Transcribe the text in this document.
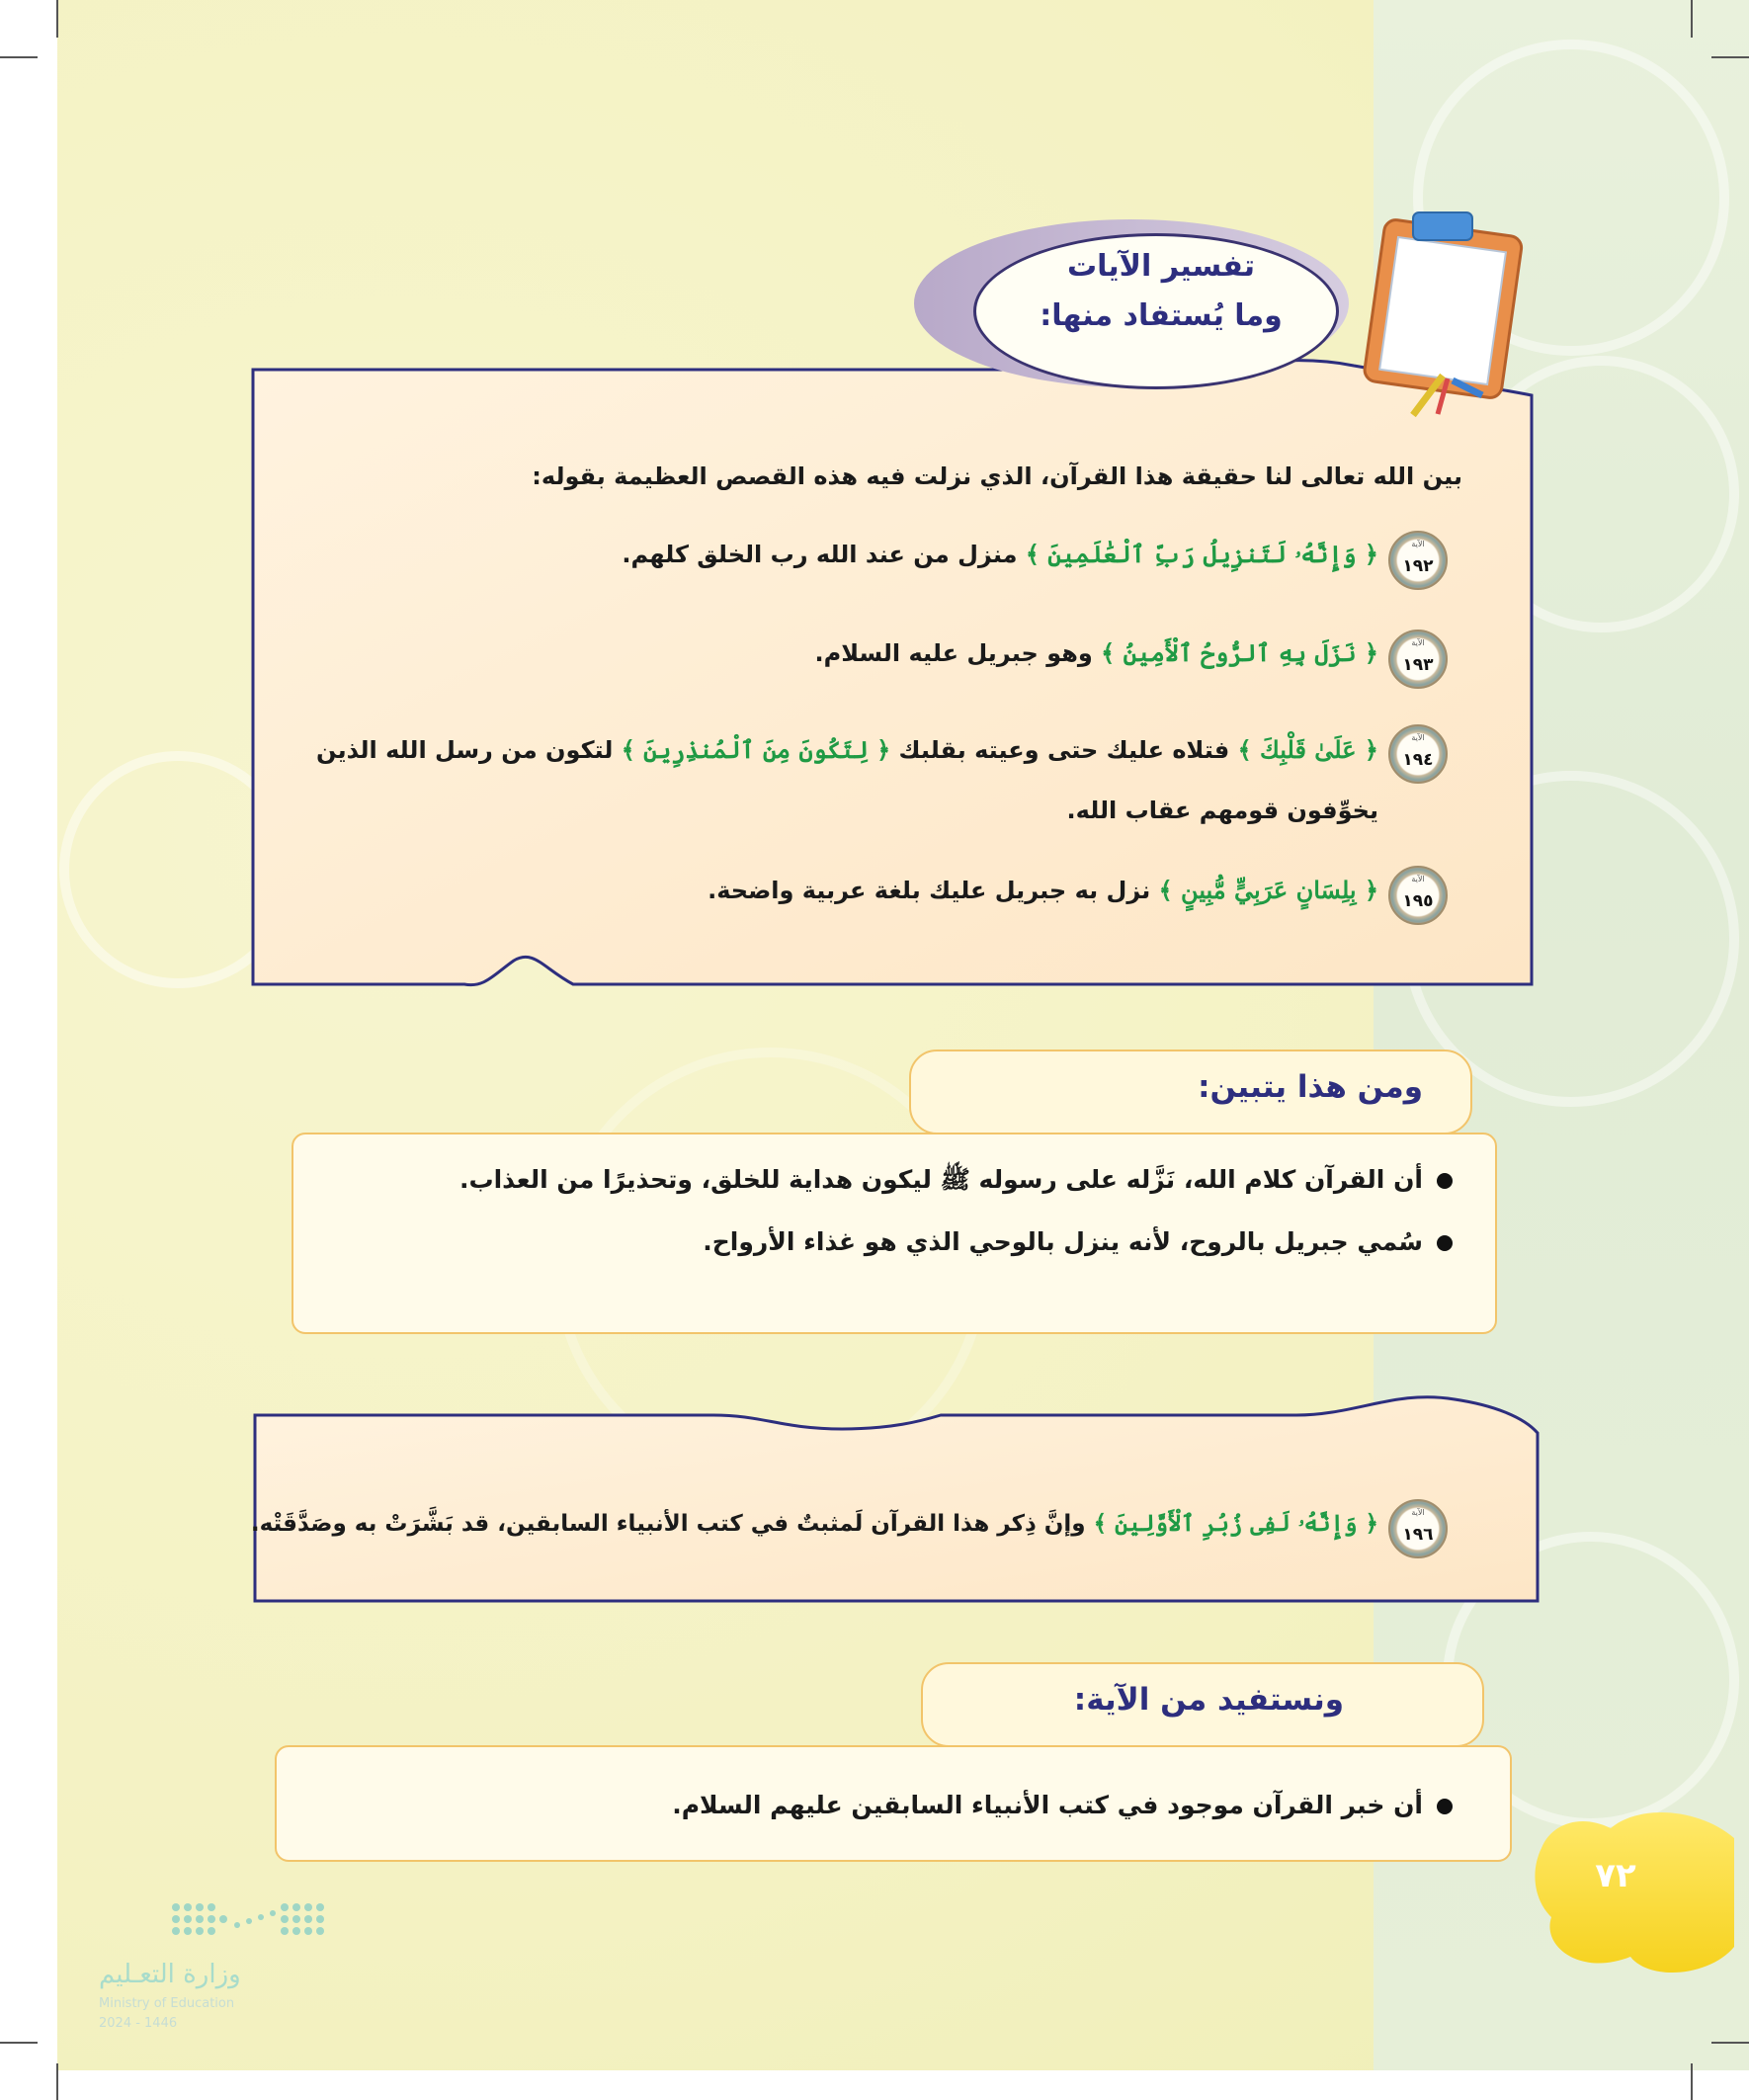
تفسير الآيات
وما يُستفاد منها:
بين الله تعالى لنا حقيقة هذا القرآن، الذي نزلت فيه هذه القصص العظيمة بقوله:
الآية
١٩٢
﴿ وَإِنَّهُۥ لَتَنزِيلُ رَبِّ ٱلْعَٰلَمِينَ ﴾ منزل من عند الله رب الخلق كلهم.
الآية
١٩٣
﴿ نَزَلَ بِهِ ٱلرُّوحُ ٱلْأَمِينُ ﴾ وهو جبريل عليه السلام.
الآية
١٩٤
﴿ عَلَىٰ قَلْبِكَ ﴾ فتلاه عليك حتى وعيته بقلبك ﴿ لِتَكُونَ مِنَ ٱلْمُنذِرِينَ ﴾ لتكون من رسل الله الذين
يخوِّفون قومهم عقاب الله.
الآية
١٩٥
﴿ بِلِسَانٍ عَرَبِيٍّ مُّبِينٍ ﴾ نزل به جبريل عليك بلغة عربية واضحة.
ومن هذا يتبين:
أن القرآن كلام الله، نَزَّله على رسوله ﷺ ليكون هداية للخلق، وتحذيرًا من العذاب.
سُمي جبريل بالروح، لأنه ينزل بالوحي الذي هو غذاء الأرواح.
الآية
١٩٦
﴿ وَإِنَّهُۥ لَفِى زُبُرِ ٱلْأَوَّلِينَ ﴾ وإنَّ ذِكر هذا القرآن لَمثبتٌ في كتب الأنبياء السابقين، قد بَشَّرَتْ به وصَدَّقَتْه.
ونستفيد من الآية:
أن خبر القرآن موجود في كتب الأنبياء السابقين عليهم السلام.
٧٢
وزارة التعـليم
Ministry of Education
2024 - 1446
